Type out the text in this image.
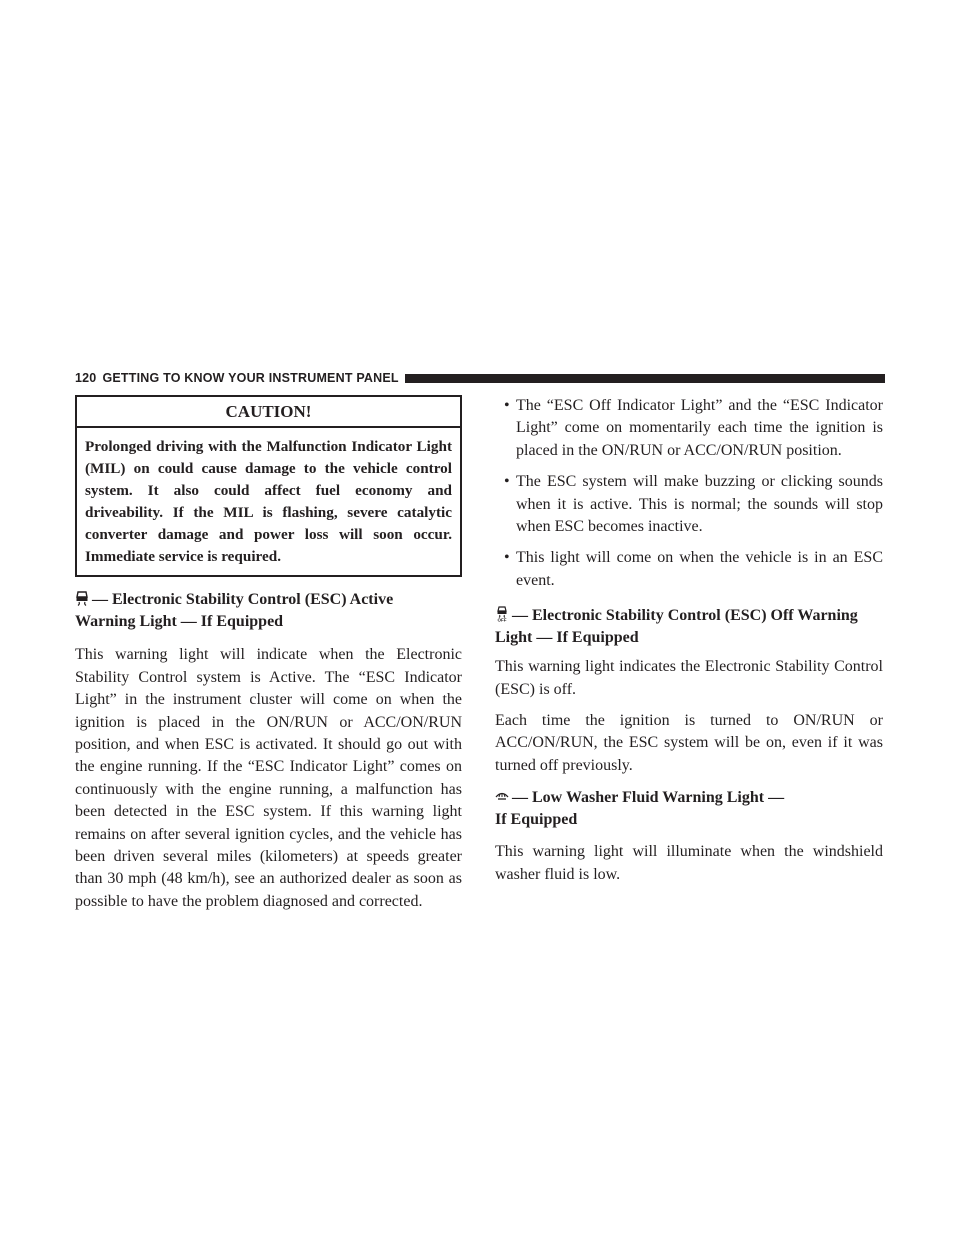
120 GETTING TO KNOW YOUR INSTRUMENT PANEL
CAUTION!
Prolonged driving with the Malfunction Indicator Light (MIL) on could cause damage to the vehicle control system. It also could affect fuel economy and driveability. If the MIL is flashing, severe catalytic converter damage and power loss will soon occur. Immediate service is required.
— Electronic Stability Control (ESC) Active
Warning Light — If Equipped

This warning light will indicate when the Electronic Stability Control system is Active. The “ESC Indicator Light” in the instrument cluster will come on when the ignition is placed in the ON/RUN or ACC/ON/RUN position, and when ESC is activated. It should go out with the engine running. If the “ESC Indicator Light” comes on continuously with the engine running, a malfunction has been detected in the ESC system. If this warning light remains on after several ignition cycles, and the vehicle has been driven several miles (kilometers) at speeds greater than 30 mph (48 km/h), see an authorized dealer as soon as possible to have the problem diagnosed and corrected.

• The “ESC Off Indicator Light” and the “ESC Indicator Light” come on momentarily each time the ignition is placed in the ON/RUN or ACC/ON/RUN position.
• The ESC system will make buzzing or clicking sounds when it is active. This is normal; the sounds will stop when ESC becomes inactive.
• This light will come on when the vehicle is in an ESC event.
OFF — Electronic Stability Control (ESC) Off Warning
Light — If Equipped

This warning light indicates the Electronic Stability Control (ESC) is off.

Each time the ignition is turned to ON/RUN or ACC/ON/RUN, the ESC system will be on, even if it was turned off previously.

— Low Washer Fluid Warning Light —
If Equipped

This warning light will illuminate when the windshield washer fluid is low.
